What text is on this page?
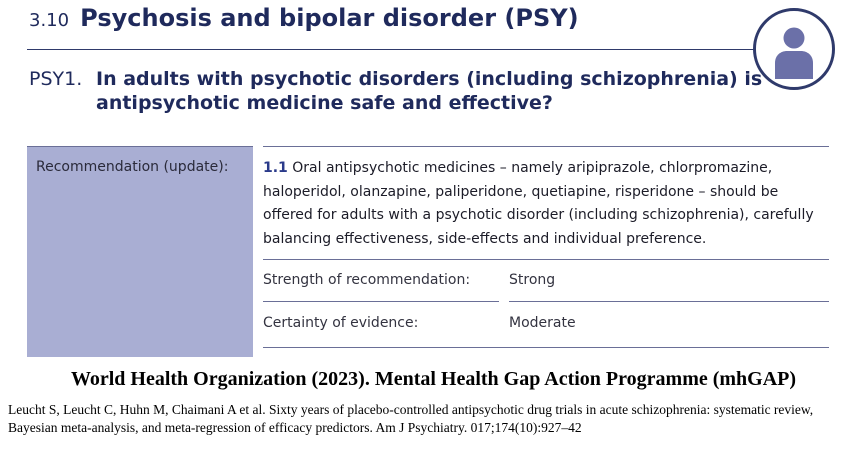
3.10 Psychosis and bipolar disorder (PSY)
PSY1. In adults with psychotic disorders (including schizophrenia) is antipsychotic medicine safe and effective?
Recommendation (update): 1.1 Oral antipsychotic medicines – namely aripiprazole, chlorpromazine, haloperidol, olanzapine, paliperidone, quetiapine, risperidone – should be offered for adults with a psychotic disorder (including schizophrenia), carefully balancing effectiveness, side-effects and individual preference.
Strength of recommendation:	Strong
Certainty of evidence:	Moderate
World Health Organization (2023). Mental Health Gap Action Programme (mhGAP)
Leucht S, Leucht C, Huhn M, Chaimani A et al. Sixty years of placebo-controlled antipsychotic drug trials in acute schizophrenia: systematic review, Bayesian meta-analysis, and meta-regression of efficacy predictors. Am J Psychiatry. 017;174(10):927–42
